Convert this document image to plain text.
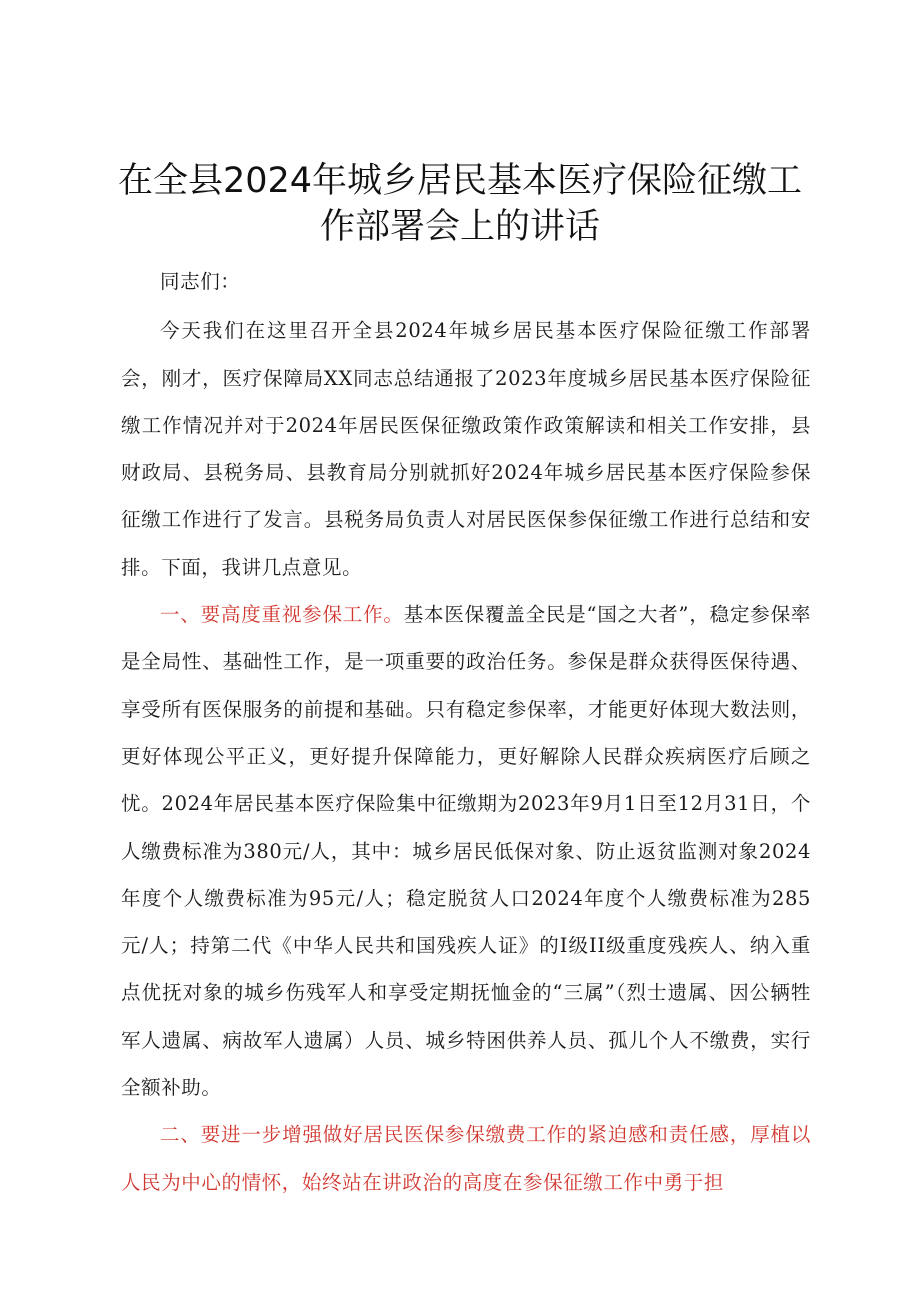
在全县2024年城乡居民基本医疗保险征缴工作部署会上的讲话

同志们：

今天我们在这里召开全县2024年城乡居民基本医疗保险征缴工作部署会，刚才，医疗保障局XX同志总结通报了2023年度城乡居民基本医疗保险征缴工作情况并对于2024年居民医保征缴政策作政策解读和相关工作安排，县财政局、县税务局、县教育局分别就抓好2024年城乡居民基本医疗保险参保征缴工作进行了发言。县税务局负责人对居民医保参保征缴工作进行总结和安排。下面，我讲几点意见。

一、要高度重视参保工作。基本医保覆盖全民是“国之大者”，稳定参保率是全局性、基础性工作，是一项重要的政治任务。参保是群众获得医保待遇、享受所有医保服务的前提和基础。只有稳定参保率，才能更好体现大数法则，更好体现公平正义，更好提升保障能力，更好解除人民群众疾病医疗后顾之忧。2024年居民基本医疗保险集中征缴期为2023年9月1日至12月31日，个人缴费标准为380元/人，其中：城乡居民低保对象、防止返贫监测对象2024年度个人缴费标准为95元/人；稳定脱贫人口2024年度个人缴费标准为285元/人；持第二代《中华人民共和国残疾人证》的I级II级重度残疾人、纳入重点优抚对象的城乡伤残军人和享受定期抚恤金的“三属”（烈士遗属、因公辆牲军人遗属、病故军人遗属）人员、城乡特困供养人员、孤儿个人不缴费，实行全额补助。

二、要进一步增强做好居民医保参保缴费工作的紧迫感和责任感，厚植以人民为中心的情怀，始终站在讲政治的高度在参保征缴工作中勇于担
